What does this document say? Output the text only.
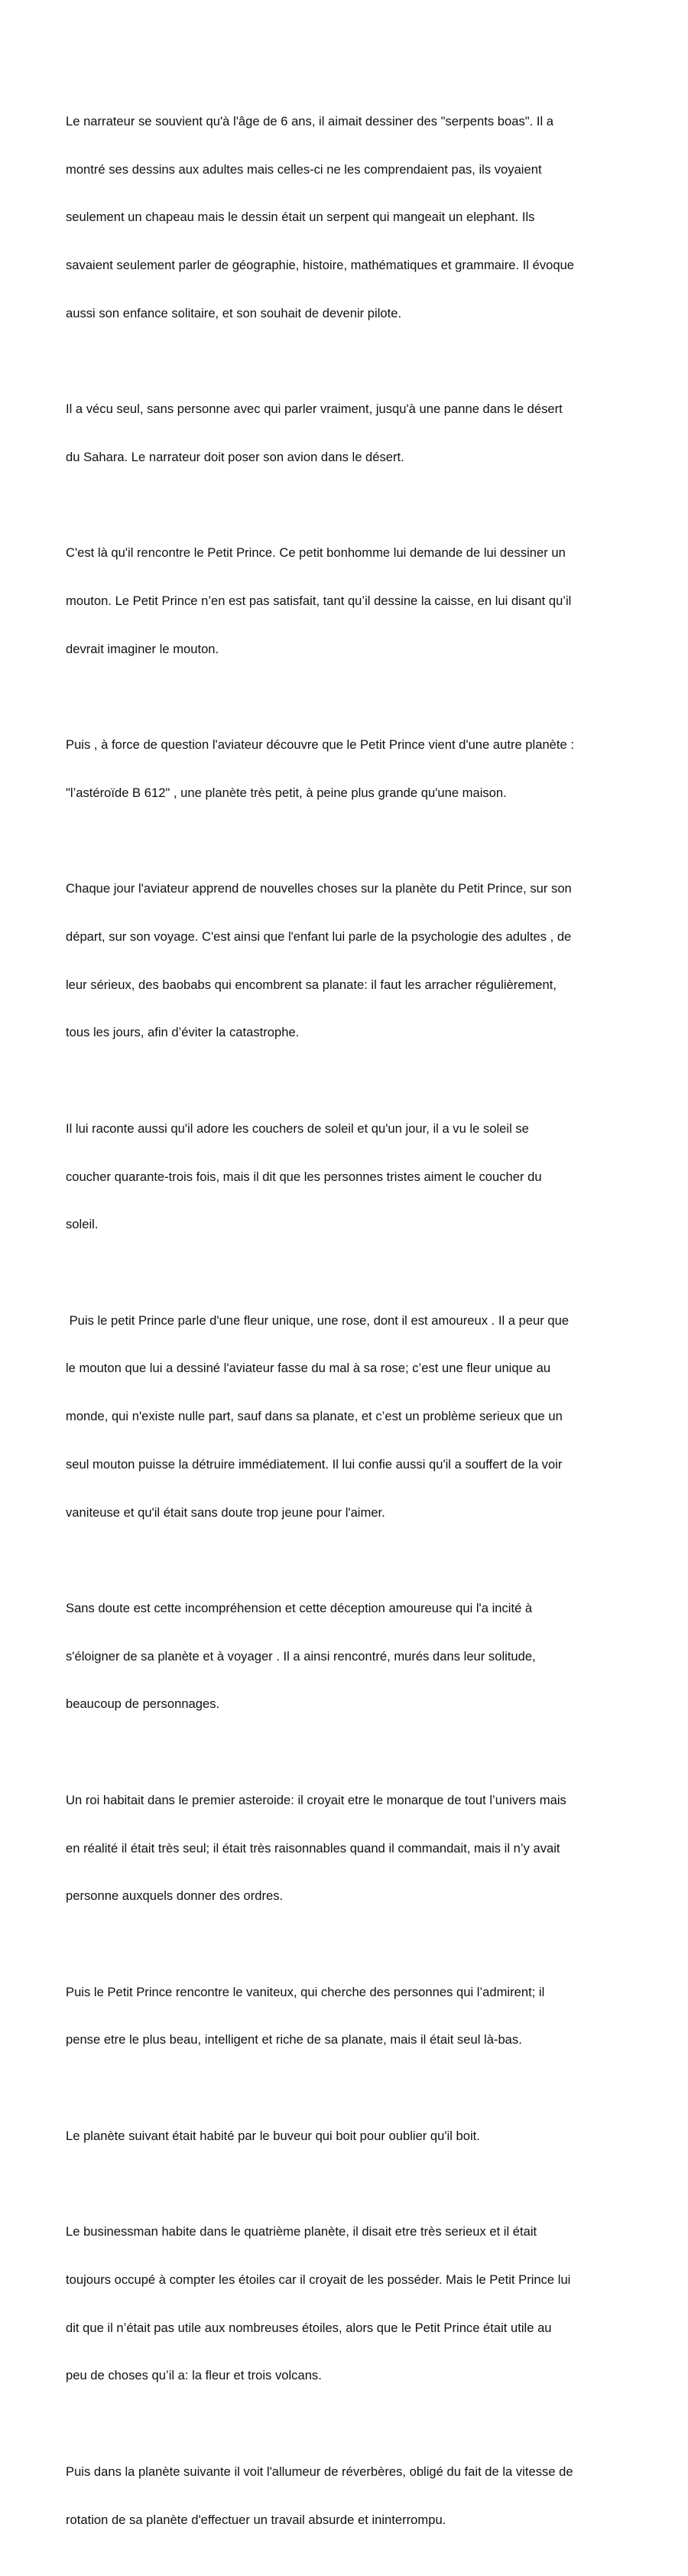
Le narrateur se souvient qu'à l'âge de 6 ans, il aimait dessiner des "serpents boas". Il a

montré ses dessins aux adultes mais celles-ci ne les comprendaient pas, ils voyaient

seulement un chapeau mais le dessin était un serpent qui mangeait un elephant. Ils

savaient seulement parler de géographie, histoire, mathématiques et grammaire. Il évoque

aussi son enfance solitaire, et son souhait de devenir pilote.

Il a vécu seul, sans personne avec qui parler vraiment, jusqu'à une panne dans le désert

du Sahara. Le narrateur doit poser son avion dans le désert.

C'est là qu'il rencontre le Petit Prince. Ce petit bonhomme lui demande de lui dessiner un

mouton. Le Petit Prince n’en est pas satisfait, tant qu’il dessine la caisse, en lui disant qu’il

devrait imaginer le mouton.

Puis , à force de question l'aviateur découvre que le Petit Prince vient d'une autre planète :

"l’astéroïde B 612" , une planète très petit, à peine plus grande qu'une maison.

Chaque jour l'aviateur apprend de nouvelles choses sur la planète du Petit Prince, sur son

départ, sur son voyage. C'est ainsi que l'enfant lui parle de la psychologie des adultes , de

leur sérieux, des baobabs qui encombrent sa planate: il faut les arracher régulièrement,

tous les jours, afin d’éviter la catastrophe.

Il lui raconte aussi qu'il adore les couchers de soleil et qu'un jour, il a vu le soleil se

coucher quarante-trois fois, mais il dit que les personnes tristes aiment le coucher du

soleil.

Puis le petit Prince parle d'une fleur unique, une rose, dont il est amoureux . Il a peur que

le mouton que lui a dessiné l'aviateur fasse du mal à sa rose; c’est une fleur unique au

monde, qui n'existe nulle part, sauf dans sa planate, et c’est un problème serieux que un

seul mouton puisse la détruire immédiatement. Il lui confie aussi qu'il a souffert de la voir

vaniteuse et qu'il était sans doute trop jeune pour l'aimer.

Sans doute est cette incompréhension et cette déception amoureuse qui l'a incité à

s'éloigner de sa planète et à voyager . Il a ainsi rencontré, murés dans leur solitude,

beaucoup de personnages.

Un roi habitait dans le premier asteroide: il croyait etre le monarque de tout l’univers mais

en réalité il était très seul; il était très raisonnables quand il commandait, mais il n’y avait

personne auxquels donner des ordres.

Puis le Petit Prince rencontre le vaniteux, qui cherche des personnes qui l’admirent; il

pense etre le plus beau, intelligent et riche de sa planate, mais il était seul là-bas.

Le planète suivant était habité par le buveur qui boit pour oublier qu'il boit.

Le businessman habite dans le quatrième planète, il disait etre très serieux et il était

toujours occupé à compter les étoiles car il croyait de les posséder. Mais le Petit Prince lui

dit que il n’était pas utile aux nombreuses étoiles, alors que le Petit Prince était utile au

peu de choses qu’il a: la fleur et trois volcans.

Puis dans la planète suivante il voit l'allumeur de réverbères, obligé du fait de la vitesse de

rotation de sa planète d'effectuer un travail absurde et ininterrompu.
